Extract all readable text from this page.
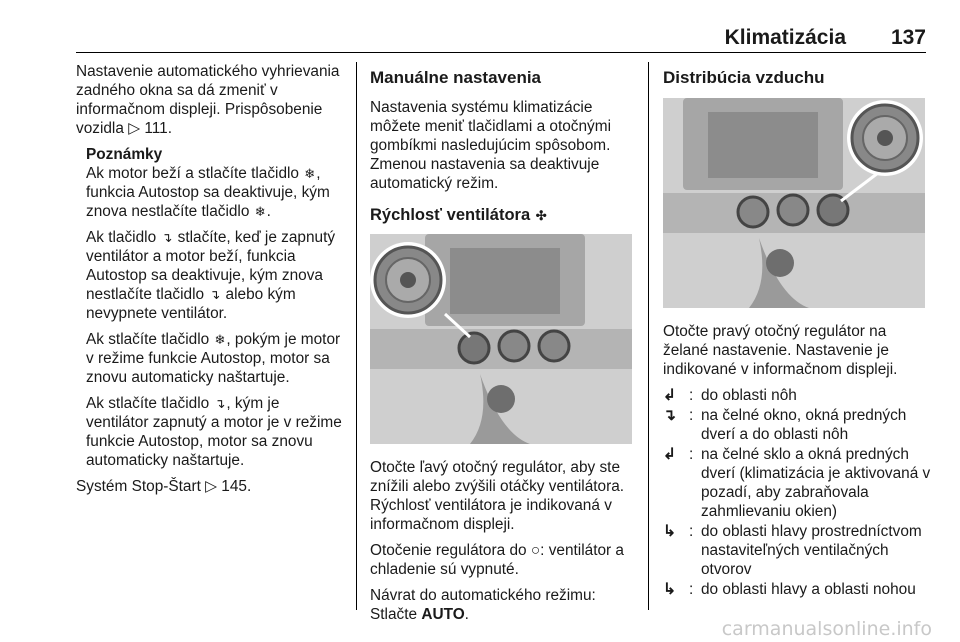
Klimatizácia 137

Nastavenie automatického vyhrievania zadného okna sa dá zmeniť v informačnom displeji. Prispôsobenie vozidla ▷ 111.

Poznámky

Ak motor beží a stlačíte tlačidlo ❄, funkcia Autostop sa deaktivuje, kým znova nestlačíte tlačidlo ❄.

Ak tlačidlo ↴ stlačíte, keď je zapnutý ventilátor a motor beží, funkcia Autostop sa deaktivuje, kým znova nestlačíte tlačidlo ↴ alebo kým nevypnete ventilátor.

Ak stlačíte tlačidlo ❄, pokým je motor v režime funkcie Autostop, motor sa znovu automaticky naštartuje.

Ak stlačíte tlačidlo ↴, kým je ventilátor zapnutý a motor je v režime funkcie Autostop, motor sa znovu automaticky naštartuje.

Systém Stop-Štart ▷ 145.

Manuálne nastavenia

Nastavenia systému klimatizácie môžete meniť tlačidlami a otočnými gombíkmi nasledujúcim spôsobom. Zmenou nastavenia sa deaktivuje automatický režim.

Rýchlosť ventilátora ✣

Otočte ľavý otočný regulátor, aby ste znížili alebo zvýšili otáčky ventilátora. Rýchlosť ventilátora je indikovaná v informačnom displeji.

Otočenie regulátora do ○: ventilátor a chladenie sú vypnuté.

Návrat do automatického režimu: Stlačte AUTO.

Distribúcia vzduchu

Otočte pravý otočný regulátor na želané nastavenie. Nastavenie je indikované v informačnom displeji.

↲	:	do oblasti nôh
↴	:	na čelné okno, okná predných dverí a do oblasti nôh
↲	:	na čelné sklo a okná predných dverí (klimatizácia je aktivovaná v pozadí, aby zabraňovala zahmlievaniu okien)
↳	:	do oblasti hlavy prostredníctvom nastaviteľných ventilačných otvorov
↳	:	do oblasti hlavy a oblasti nohou
carmanualsonline.info
